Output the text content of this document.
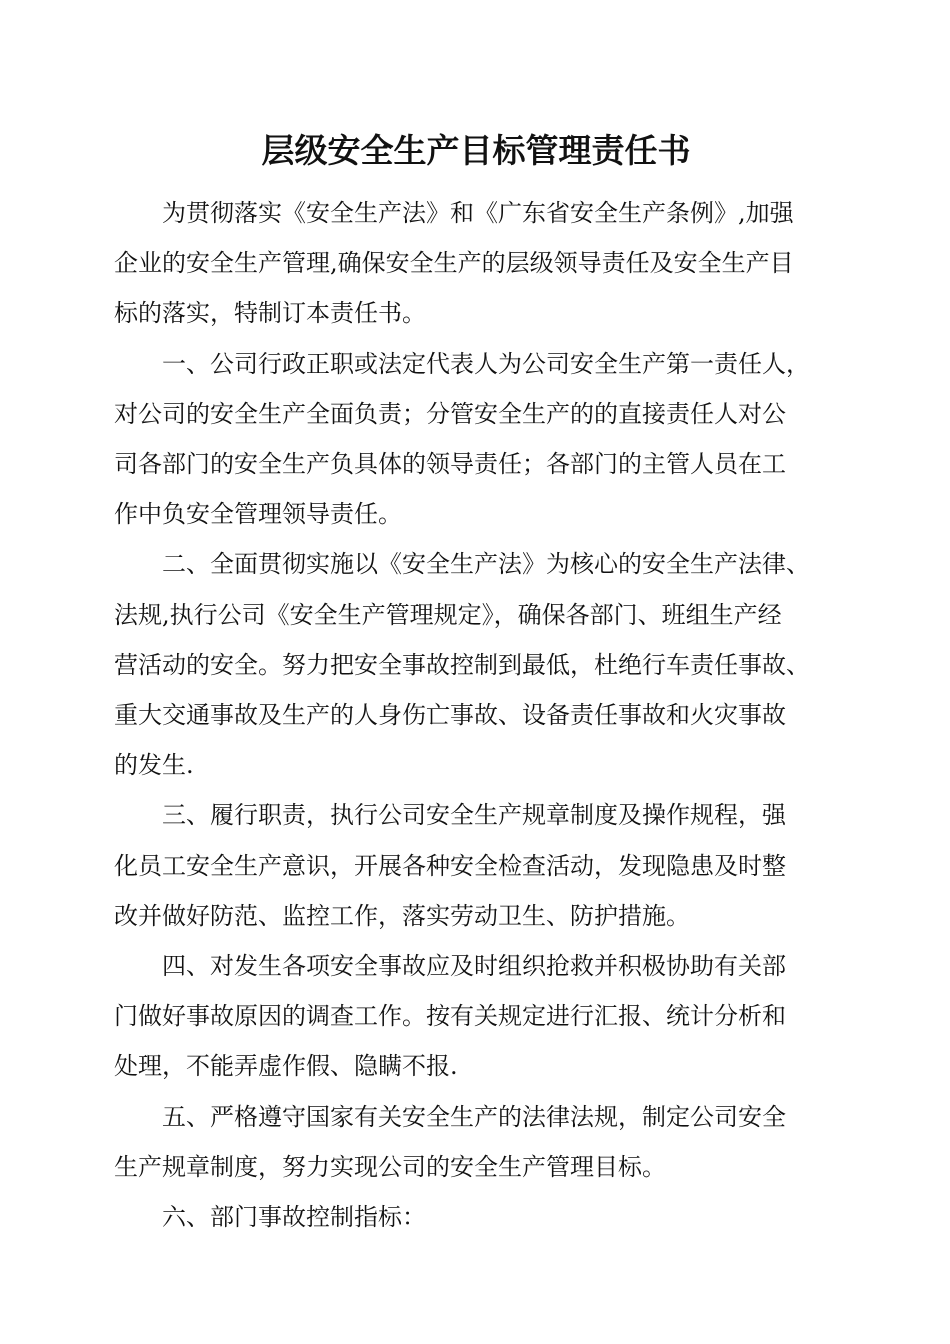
层级安全生产目标管理责任书

为贯彻落实《安全生产法》和《广东省安全生产条例》,加强
企业的安全生产管理,确保安全生产的层级领导责任及安全生产目
标的落实，特制订本责任书。

一、公司行政正职或法定代表人为公司安全生产第一责任人，
对公司的安全生产全面负责；分管安全生产的的直接责任人对公
司各部门的安全生产负具体的领导责任；各部门的主管人员在工
作中负安全管理领导责任。

二、全面贯彻实施以《安全生产法》为核心的安全生产法律、
法规,执行公司《安全生产管理规定》，确保各部门、班组生产经
营活动的安全。努力把安全事故控制到最低，杜绝行车责任事故、
重大交通事故及生产的人身伤亡事故、设备责任事故和火灾事故
的发生.

三、履行职责，执行公司安全生产规章制度及操作规程，强
化员工安全生产意识，开展各种安全检查活动，发现隐患及时整
改并做好防范、监控工作，落实劳动卫生、防护措施。

四、对发生各项安全事故应及时组织抢救并积极协助有关部
门做好事故原因的调查工作。按有关规定进行汇报、统计分析和
处理，不能弄虚作假、隐瞒不报.

五、严格遵守国家有关安全生产的法律法规，制定公司安全
生产规章制度，努力实现公司的安全生产管理目标。

六、部门事故控制指标：
